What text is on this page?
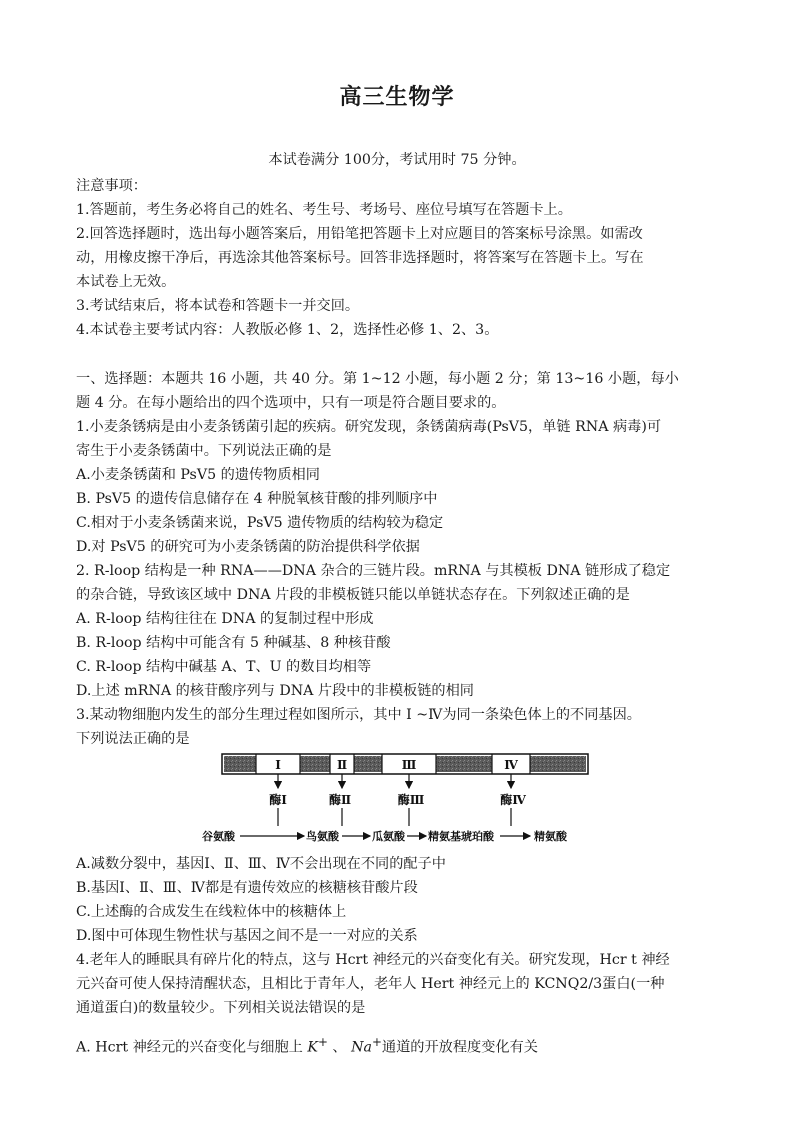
高三生物学
本试卷满分 100分，考试用时 75 分钟。
注意事项：
1.答题前，考生务必将自己的姓名、考生号、考场号、座位号填写在答题卡上。
2.回答选择题时，选出每小题答案后，用铅笔把答题卡上对应题目的答案标号涂黑。如需改
动，用橡皮擦干净后，再选涂其他答案标号。回答非选择题时，将答案写在答题卡上。写在
本试卷上无效。
3.考试结束后，将本试卷和答题卡一并交回。
4.本试卷主要考试内容：人教版必修 1、2，选择性必修 1、2、3。
一、选择题：本题共 16 小题，共 40 分。第 1~12 小题，每小题 2 分；第 13~16 小题，每小
题 4 分。在每小题给出的四个选项中，只有一项是符合题目要求的。
1.小麦条锈病是由小麦条锈菌引起的疾病。研究发现，条锈菌病毒(PsV5，单链 RNA 病毒)可
寄生于小麦条锈菌中。下列说法正确的是
A.小麦条锈菌和 PsV5 的遗传物质相同
B. PsV5 的遗传信息储存在 4 种脱氧核苷酸的排列顺序中
C.相对于小麦条锈菌来说，PsV5 遗传物质的结构较为稳定
D.对 PsV5 的研究可为小麦条锈菌的防治提供科学依据
2. R-loop 结构是一种 RNA——DNA 杂合的三链片段。mRNA 与其模板 DNA 链形成了稳定
的杂合链，导致该区域中 DNA 片段的非模板链只能以单链状态存在。下列叙述正确的是
A. R-loop 结构往往在 DNA 的复制过程中形成
B. R-loop 结构中可能含有 5 种碱基、8 种核苷酸
C. R-loop 结构中碱基 A、T、U 的数目均相等
D.上述 mRNA 的核苷酸序列与 DNA 片段中的非模板链的相同
3.某动物细胞内发生的部分生理过程如图所示，其中 I ~Ⅳ为同一条染色体上的不同基因。
下列说法正确的是
Ⅰ	Ⅱ	Ⅲ	Ⅳ
酶Ⅰ	酶Ⅱ	酶Ⅲ	酶Ⅳ
谷氨酸	鸟氨酸	瓜氨酸 精氨基琥珀酸	精氨酸
A.减数分裂中，基因Ⅰ、Ⅱ、Ⅲ、Ⅳ不会出现在不同的配子中
B.基因Ⅰ、Ⅱ、Ⅲ、Ⅳ都是有遗传效应的核糖核苷酸片段
C.上述酶的合成发生在线粒体中的核糖体上
D.图中可体现生物性状与基因之间不是一一对应的关系
4.老年人的睡眠具有碎片化的特点，这与 Hcrt 神经元的兴奋变化有关。研究发现，Hcr t 神经
元兴奋可使人保持清醒状态，且相比于青年人，老年人 Hert 神经元上的 KCNQ2/3蛋白(一种
通道蛋白)的数量较少。下列相关说法错误的是
A. Hcrt 神经元的兴奋变化与细胞上 K+ 、 Na+通道的开放程度变化有关
